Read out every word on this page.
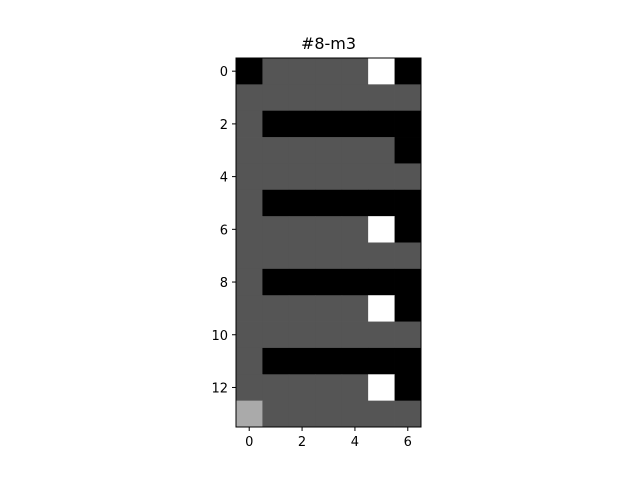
#8-m3
0	2	4	6
0
2
4
6
8
10
12
